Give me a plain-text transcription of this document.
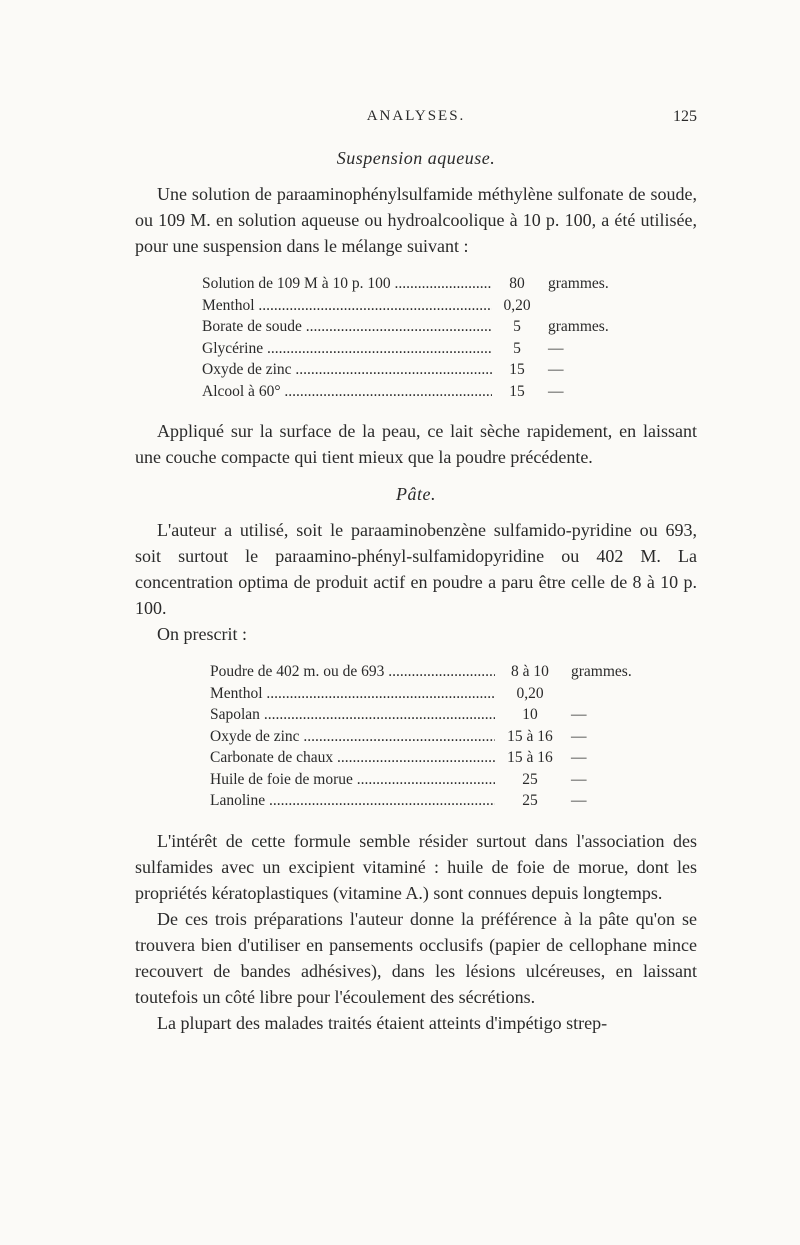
ANALYSES.	125
Suspension aqueuse.

Une solution de paraaminophénylsulfamide méthylène sulfonate de soude, ou 109 M. en solution aqueuse ou hydroalcoolique à 10 p. 100, a été utilisée, pour une suspension dans le mélange suivant :

Solution de 109 M à 10 p. 100 .....	80	grammes.
Menthol .....	0,20
Borate de soude .....	5	grammes.
Glycérine .....	5	—
Oxyde de zinc .....	15	—
Alcool à 60° .....	15	—

Appliqué sur la surface de la peau, ce lait sèche rapidement, en laissant une couche compacte qui tient mieux que la poudre précédente.

Pâte.

L'auteur a utilisé, soit le paraaminobenzène sulfamido-pyridine ou 693, soit surtout le paraamino-phényl-sulfamidopyridine ou 402 M. La concentration optima de produit actif en poudre a paru être celle de 8 à 10 p. 100.

On prescrit :

Poudre de 402 m. ou de 693 .....	8 à 10	grammes.
Menthol .....	0,20
Sapolan .....	10	—
Oxyde de zinc .....	15 à 16	—
Carbonate de chaux .....	15 à 16	—
Huile de foie de morue .....	25	—
Lanoline .....	25	—

L'intérêt de cette formule semble résider surtout dans l'association des sulfamides avec un excipient vitaminé : huile de foie de morue, dont les propriétés kératoplastiques (vitamine A.) sont connues depuis longtemps.

De ces trois préparations l'auteur donne la préférence à la pâte qu'on se trouvera bien d'utiliser en pansements occlusifs (papier de cellophane mince recouvert de bandes adhésives), dans les lésions ulcéreuses, en laissant toutefois un côté libre pour l'écoulement des sécrétions.

La plupart des malades traités étaient atteints d'impétigo strep-
